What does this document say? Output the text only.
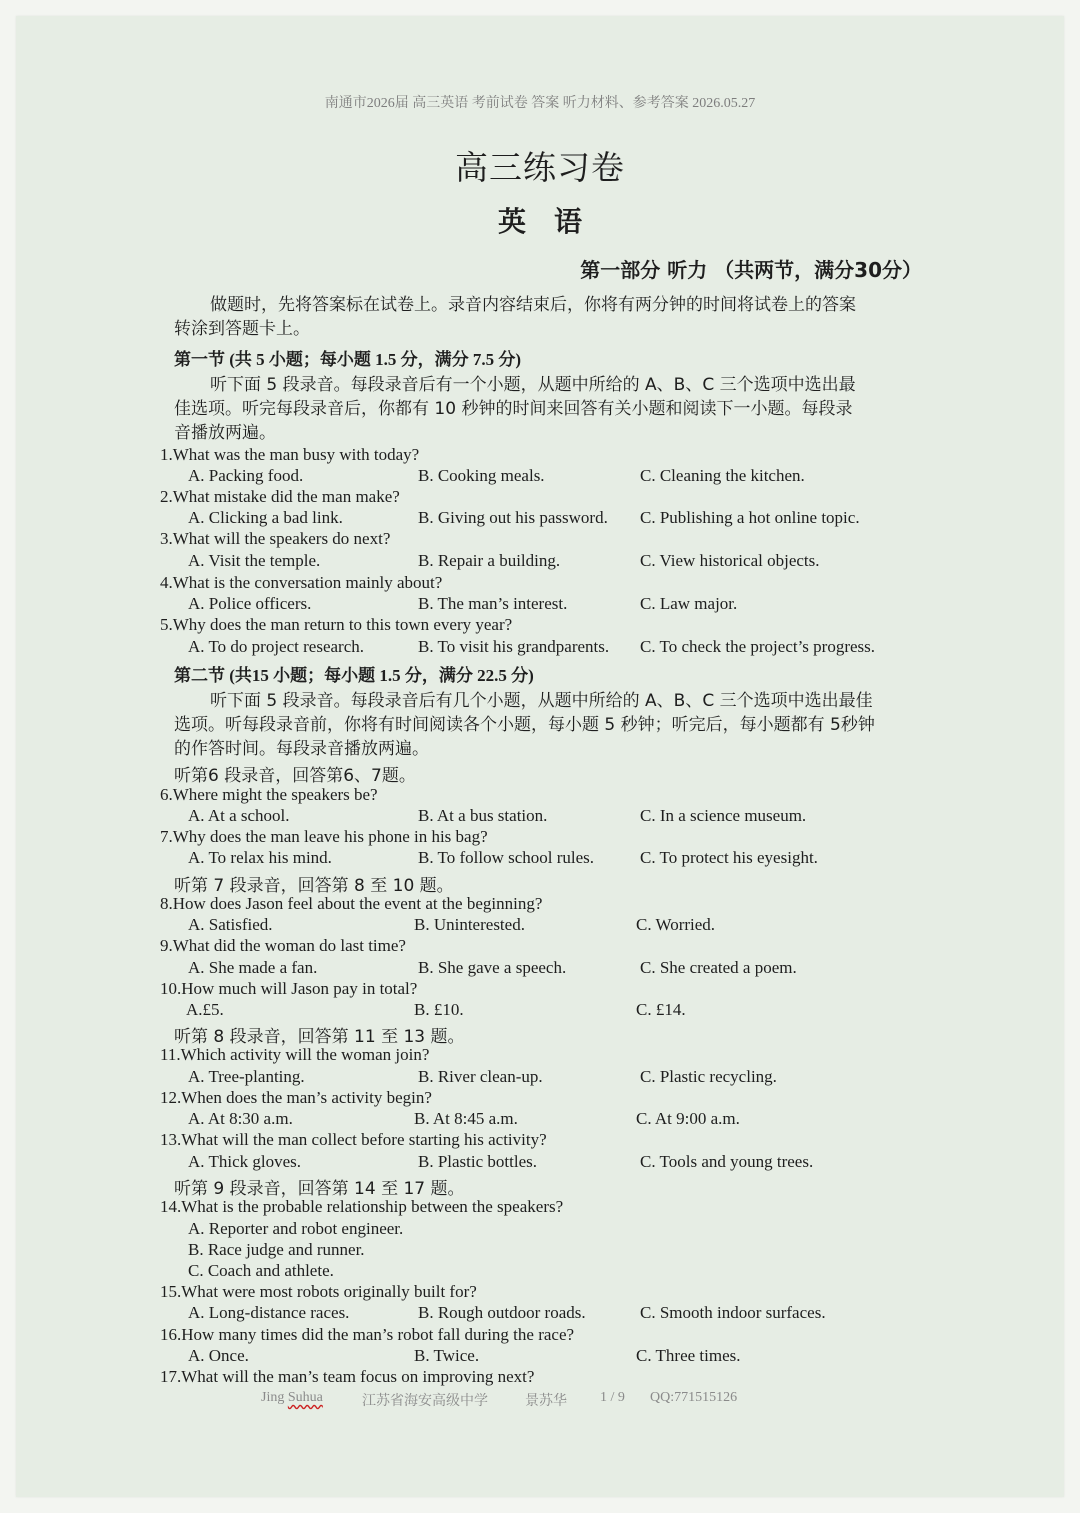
南通市2026届 高三英语 考前试卷 答案 听力材料、参考答案 2026.05.27
高三练习卷
英 语
第一部分 听力 （共两节，满分30分）
做题时，先将答案标在试卷上。录音内容结束后，你将有两分钟的时间将试卷上的答案
转涂到答题卡上。
第一节 (共 5 小题；每小题 1.5 分，满分 7.5 分)
听下面 5 段录音。每段录音后有一个小题，从题中所给的 A、B、C 三个选项中选出最
佳选项。听完每段录音后，你都有 10 秒钟的时间来回答有关小题和阅读下一小题。每段录
音播放两遍。
1.What was the man busy with today?
A. Packing food.	B. Cooking meals.	C. Cleaning the kitchen.
2.What mistake did the man make?
A. Clicking a bad link.	B. Giving out his password. C. Publishing a hot online topic.
3.What will the speakers do next?
A. Visit the temple.	B. Repair a building.	C. View historical objects.
4.What is the conversation mainly about?
A. Police officers.	B. The man’s interest.	C. Law major.
5.Why does the man return to this town every year?
A. To do project research.	B. To visit his grandparents. C. To check the project’s progress.
第二节 (共15 小题；每小题 1.5 分，满分 22.5 分)
听下面 5 段录音。每段录音后有几个小题，从题中所给的 A、B、C 三个选项中选出最佳
选项。听每段录音前，你将有时间阅读各个小题，每小题 5 秒钟；听完后，每小题都有 5秒钟
的作答时间。每段录音播放两遍。
听第6 段录音，回答第6、7题。
6.Where might the speakers be?
A. At a school.	B. At a bus station.	C. In a science museum.
7.Why does the man leave his phone in his bag?
A. To relax his mind.	B. To follow school rules.	C. To protect his eyesight.
听第 7 段录音，回答第 8 至 10 题。
8.How does Jason feel about the event at the beginning?
A. Satisfied.	B. Uninterested.	C. Worried.
9.What did the woman do last time?
A. She made a fan.	B. She gave a speech.	C. She created a poem.
10.How much will Jason pay in total?
A.£5.	B. £10.	C. £14.
听第 8 段录音，回答第 11 至 13 题。
11.Which activity will the woman join?
A. Tree-planting.	B. River clean-up.	C. Plastic recycling.
12.When does the man’s activity begin?
A. At 8:30 a.m.	B. At 8:45 a.m.	C. At 9:00 a.m.
13.What will the man collect before starting his activity?
A. Thick gloves.	B. Plastic bottles.	C. Tools and young trees.
听第 9 段录音，回答第 14 至 17 题。
14.What is the probable relationship between the speakers?
A. Reporter and robot engineer.
B. Race judge and runner.
C. Coach and athlete.
15.What were most robots originally built for?
A. Long-distance races.	B. Rough outdoor roads.	C. Smooth indoor surfaces.
16.How many times did the man’s robot fall during the race?
A. Once.	B. Twice.	C. Three times.
17.What will the man’s team focus on improving next?
Jing Suhua	江苏省海安高级中学	景苏华 1 / 9 QQ:771515126
